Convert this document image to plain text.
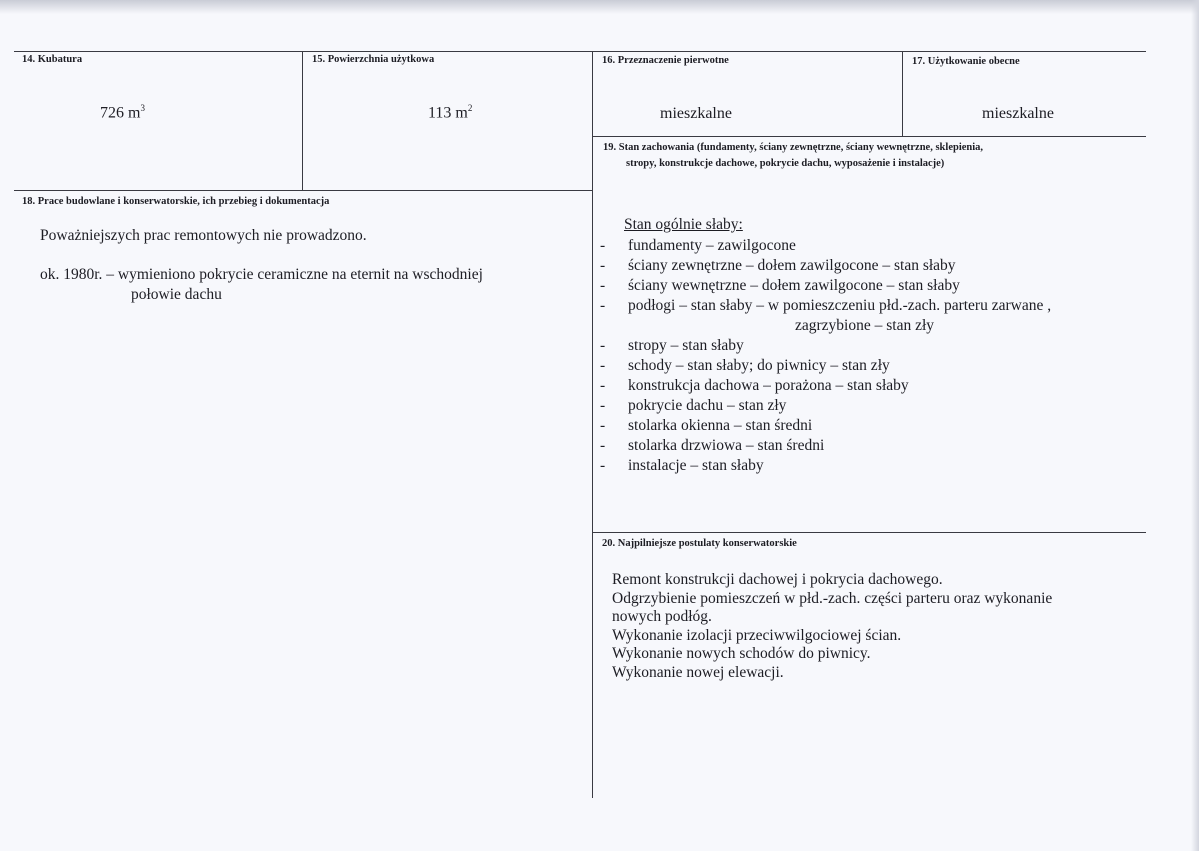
14. Kubatura
726 $m^3$
15. Powierzchnia użytkowa
113 $m^2$
16. Przeznaczenie pierwotne
mieszkalne
17. Użytkowanie obecne
mieszkalne
19. Stan zachowania (fundamenty, ściany zewnętrzne, ściany wewnętrzne, sklepienia,
stropy, konstrukcje dachowe, pokrycie dachu, wyposażenie i instalacje)
Stan ogólnie słaby:
- fundamenty – zawilgocone
- ściany zewnętrzne – dołem zawilgocone – stan słaby
- ściany wewnętrzne – dołem zawilgocone – stan słaby
- podłogi – stan słaby – w pomieszczeniu płd.-zach. parteru zarwane ,
zagrzybione – stan zły
- stropy – stan słaby
- schody – stan słaby; do piwnicy – stan zły
- konstrukcja dachowa – porażona – stan słaby
- pokrycie dachu – stan zły
- stolarka okienna – stan średni
- stolarka drzwiowa – stan średni
- instalacje – stan słaby
18. Prace budowlane i konserwatorskie, ich przebieg i dokumentacja
Poważniejszych prac remontowych nie prowadzono.
ok. 1980r. – wymieniono pokrycie ceramiczne na eternit na wschodniej
połowie dachu
20. Najpilniejsze postulaty konserwatorskie
Remont konstrukcji dachowej i pokrycia dachowego.
Odgrzybienie pomieszczeń w płd.-zach. części parteru oraz wykonanie
nowych podłóg.
Wykonanie izolacji przeciwwilgociowej ścian.
Wykonanie nowych schodów do piwnicy.
Wykonanie nowej elewacji.
